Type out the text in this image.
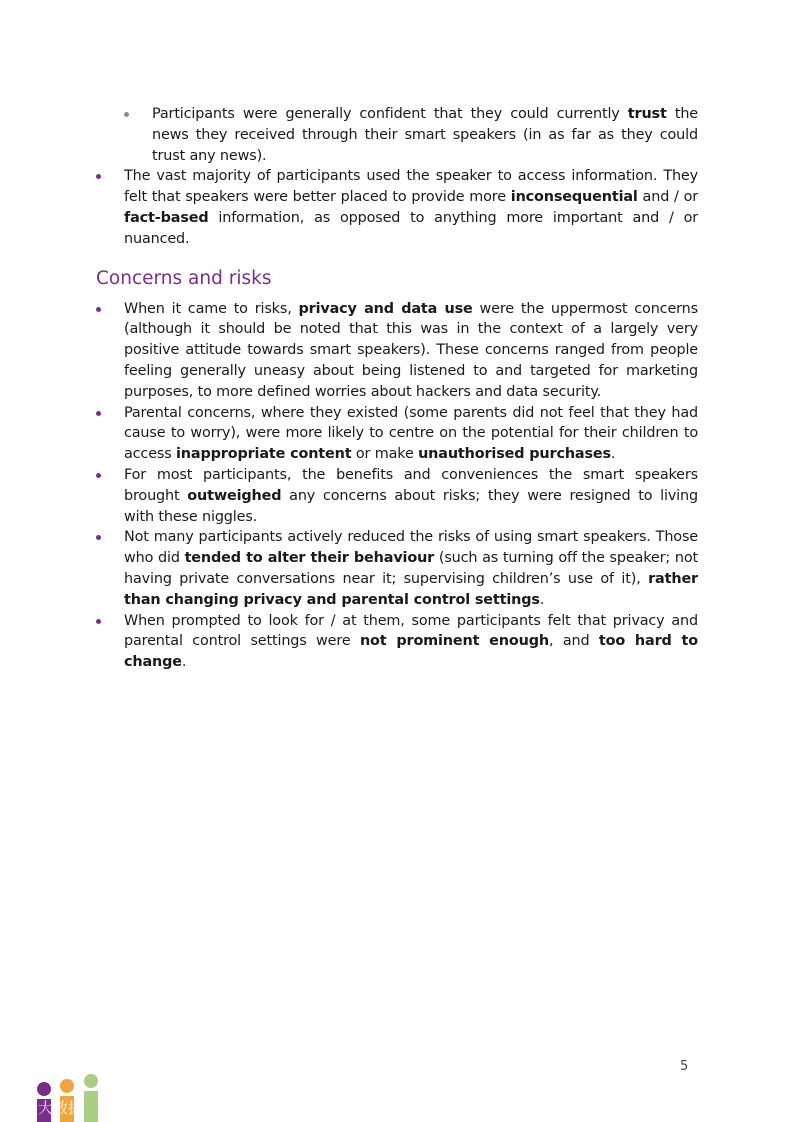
Participants were generally confident that they could currently trust the news they received through their smart speakers (in as far as they could trust any news).
The vast majority of participants used the speaker to access information. They felt that speakers were better placed to provide more inconsequential and / or fact-based information, as opposed to anything more important and / or nuanced.
Concerns and risks
When it came to risks, privacy and data use were the uppermost concerns (although it should be noted that this was in the context of a largely very positive attitude towards smart speakers). These concerns ranged from people feeling generally uneasy about being listened to and targeted for marketing purposes, to more defined worries about hackers and data security.
Parental concerns, where they existed (some parents did not feel that they had cause to worry), were more likely to centre on the potential for their children to access inappropriate content or make unauthorised purchases.
For most participants, the benefits and conveniences the smart speakers brought outweighed any concerns about risks; they were resigned to living with these niggles.
Not many participants actively reduced the risks of using smart speakers. Those who did tended to alter their behaviour (such as turning off the speaker; not having private conversations near it; supervising children’s use of it), rather than changing privacy and parental control settings.
When prompted to look for / at them, some participants felt that privacy and parental control settings were not prominent enough, and too hard to change.
5
大数据
